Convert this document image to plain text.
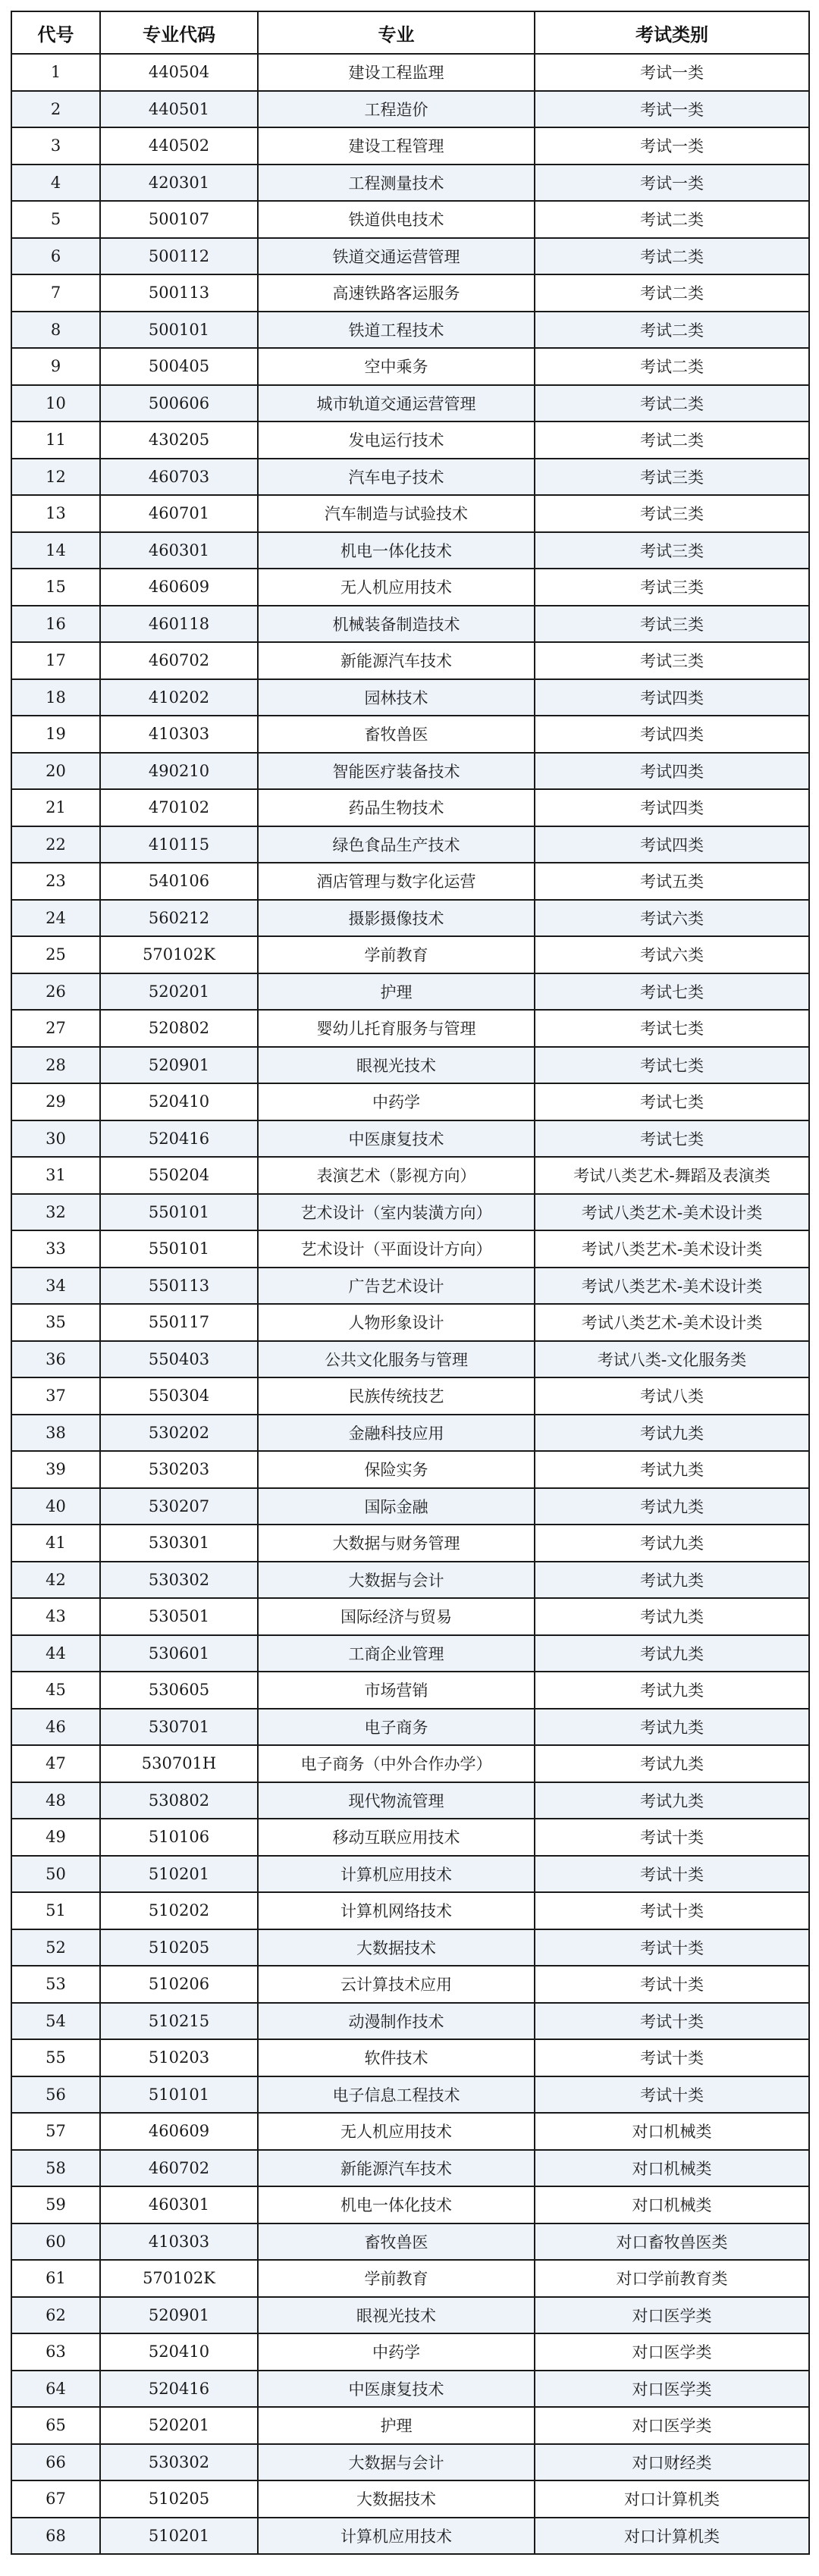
代号	专业代码	专业	考试类别
1	440504	建设工程监理	考试一类
2	440501	工程造价	考试一类
3	440502	建设工程管理	考试一类
4	420301	工程测量技术	考试一类
5	500107	铁道供电技术	考试二类
6	500112	铁道交通运营管理	考试二类
7	500113	高速铁路客运服务	考试二类
8	500101	铁道工程技术	考试二类
9	500405	空中乘务	考试二类
10	500606	城市轨道交通运营管理	考试二类
11	430205	发电运行技术	考试二类
12	460703	汽车电子技术	考试三类
13	460701	汽车制造与试验技术	考试三类
14	460301	机电一体化技术	考试三类
15	460609	无人机应用技术	考试三类
16	460118	机械装备制造技术	考试三类
17	460702	新能源汽车技术	考试三类
18	410202	园林技术	考试四类
19	410303	畜牧兽医	考试四类
20	490210	智能医疗装备技术	考试四类
21	470102	药品生物技术	考试四类
22	410115	绿色食品生产技术	考试四类
23	540106	酒店管理与数字化运营	考试五类
24	560212	摄影摄像技术	考试六类
25	570102K	学前教育	考试六类
26	520201	护理	考试七类
27	520802	婴幼儿托育服务与管理	考试七类
28	520901	眼视光技术	考试七类
29	520410	中药学	考试七类
30	520416	中医康复技术	考试七类
31	550204	表演艺术（影视方向）	考试八类艺术-舞蹈及表演类
32	550101	艺术设计（室内装潢方向）	考试八类艺术-美术设计类
33	550101	艺术设计（平面设计方向）	考试八类艺术-美术设计类
34	550113	广告艺术设计	考试八类艺术-美术设计类
35	550117	人物形象设计	考试八类艺术-美术设计类
36	550403	公共文化服务与管理	考试八类-文化服务类
37	550304	民族传统技艺	考试八类
38	530202	金融科技应用	考试九类
39	530203	保险实务	考试九类
40	530207	国际金融	考试九类
41	530301	大数据与财务管理	考试九类
42	530302	大数据与会计	考试九类
43	530501	国际经济与贸易	考试九类
44	530601	工商企业管理	考试九类
45	530605	市场营销	考试九类
46	530701	电子商务	考试九类
47	530701H	电子商务（中外合作办学）	考试九类
48	530802	现代物流管理	考试九类
49	510106	移动互联应用技术	考试十类
50	510201	计算机应用技术	考试十类
51	510202	计算机网络技术	考试十类
52	510205	大数据技术	考试十类
53	510206	云计算技术应用	考试十类
54	510215	动漫制作技术	考试十类
55	510203	软件技术	考试十类
56	510101	电子信息工程技术	考试十类
57	460609	无人机应用技术	对口机械类
58	460702	新能源汽车技术	对口机械类
59	460301	机电一体化技术	对口机械类
60	410303	畜牧兽医	对口畜牧兽医类
61	570102K	学前教育	对口学前教育类
62	520901	眼视光技术	对口医学类
63	520410	中药学	对口医学类
64	520416	中医康复技术	对口医学类
65	520201	护理	对口医学类
66	530302	大数据与会计	对口财经类
67	510205	大数据技术	对口计算机类
68	510201	计算机应用技术	对口计算机类
